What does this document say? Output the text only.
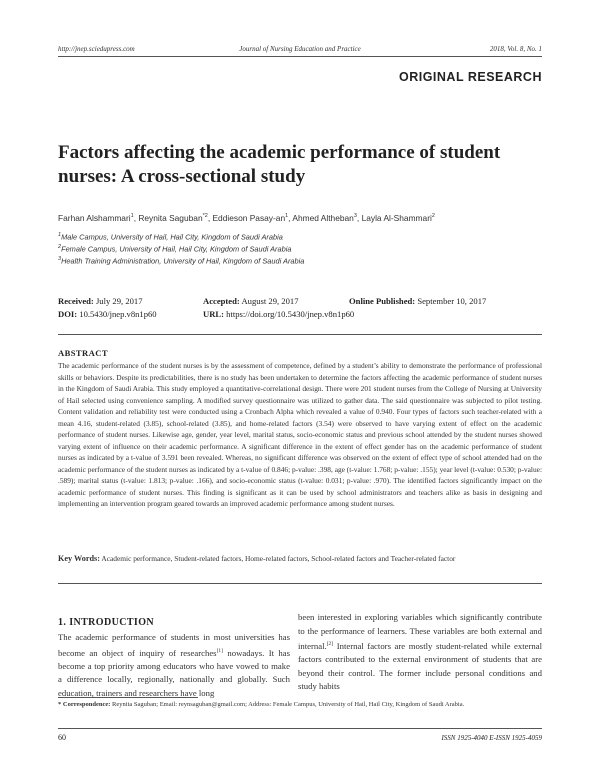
http://jnep.sciedupress.com	Journal of Nursing Education and Practice	2018, Vol. 8, No. 1
ORIGINAL RESEARCH
Factors affecting the academic performance of student
nurses: A cross-sectional study
Farhan Alshammari$^1$, Reynita Saguban$^{*2}$, Eddieson Pasay-$an^1$, Ahmed Altheban$^3$, Layla Al-Shammari$^2$
$^1$Male Campus, University of Hail, Hail City, Kingdom of Saudi Arabia
$^2$Female Campus, University of Hail, Hail City, Kingdom of Saudi Arabia
$^3$Health Training Administration, University of Hail, Kingdom of Saudi Arabia
Received: July 29, 2017	Accepted: August 29, 2017	Online Published: September 10, 2017
DOI: 10.5430/jnep.v8n1p60	URL: https://doi.org/10.5430/jnep.v8n1p60
ABSTRACT
The academic performance of the student nurses is by the assessment of competence, defined by a student’s ability to demonstrate the performance of professional skills or behaviors. Despite its predictabilities, there is no study has been undertaken to determine the factors affecting the academic performance of student nurses in the Kingdom of Saudi Arabia. This study employed a quantitative-correlational design. There were 201 student nurses from the College of Nursing at University of Hail selected using convenience sampling. A modified survey questionnaire was utilized to gather data. The said questionnaire was subjected to pilot testing. Content validation and reliability test were conducted using a Cronbach Alpha which revealed a value of 0.940. Four types of factors such teacher-related with a mean 4.16, student-related (3.85), school-related (3.85), and home-related factors (3.54) were observed to have varying extent of effect on the academic performance of student nurses. Likewise age, gender, year level, marital status, socio-economic status and previous school attended by the student nurses showed varying extent of influence on their academic performance. A significant difference in the extent of effect gender has on the academic performance of student nurses as indicated by a t-value of 3.591 been revealed. Whereas, no significant difference was observed on the extent of effect type of school attended had on the academic performance of the student nurses as indicated by a t-value of 0.846; p-value: .398, age (t-value: 1.768; p-value: .155); year level (t-value: 0.530; p-value: .589); marital status (t-value: 1.813; p-value: .166), and socio-economic status (t-value: 0.031; p-value: .970). The identified factors significantly impact on the academic performance of student nurses. This finding is significant as it can be used by school administrators and teachers alike as basis in designing and implementing an intervention program geared towards an improved academic performance among student nurses.
Key Words: Academic performance, Student-related factors, Home-related factors, School-related factors and Teacher-related factor
1. INTRODUCTION
The academic performance of students in most universities has become an object of inquiry of researches[1] nowadays. It has become a top priority among educators who have vowed to make a difference locally, regionally, nationally and globally. Such education, trainers and researchers have long
been interested in exploring variables which significantly contribute to the performance of learners. These variables are both external and internal.[2] Internal factors are mostly student-related while external factors contributed to the external environment of students that are beyond their control. The former include personal conditions and study habits
* Correspondence: Reynita Saguban; Email: reynsaguban@gmail.com; Address: Female Campus, University of Hail, Hail City, Kingdom of Saudi Arabia.
60	ISSN 1925-4040 E-ISSN 1925-4059
